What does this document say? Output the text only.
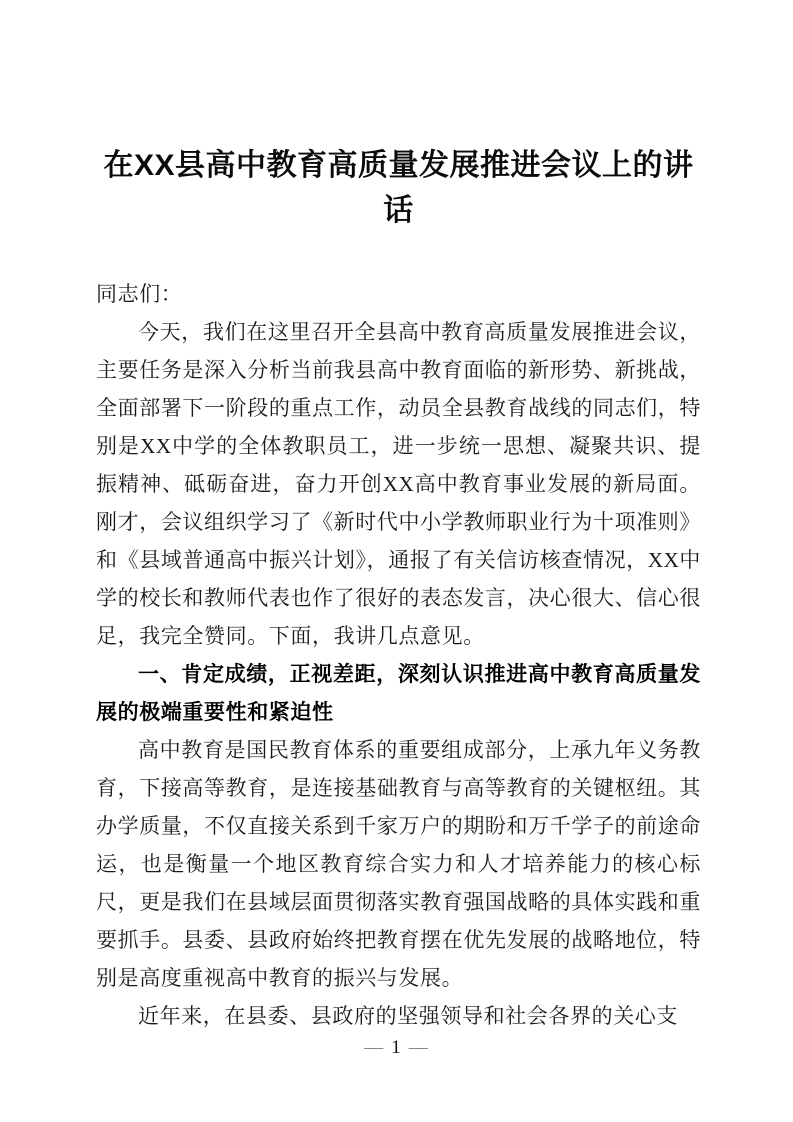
在XX县高中教育高质量发展推进会议上的讲话

同志们：

今天，我们在这里召开全县高中教育高质量发展推进会议，主要任务是深入分析当前我县高中教育面临的新形势、新挑战，全面部署下一阶段的重点工作，动员全县教育战线的同志们，特别是XX中学的全体教职员工，进一步统一思想、凝聚共识、提振精神、砥砺奋进，奋力开创XX高中教育事业发展的新局面。刚才，会议组织学习了《新时代中小学教师职业行为十项准则》和《县域普通高中振兴计划》，通报了有关信访核查情况，XX中学的校长和教师代表也作了很好的表态发言，决心很大、信心很足，我完全赞同。下面，我讲几点意见。

一、肯定成绩，正视差距，深刻认识推进高中教育高质量发展的极端重要性和紧迫性

高中教育是国民教育体系的重要组成部分，上承九年义务教育，下接高等教育，是连接基础教育与高等教育的关键枢纽。其办学质量，不仅直接关系到千家万户的期盼和万千学子的前途命运，也是衡量一个地区教育综合实力和人才培养能力的核心标尺，更是我们在县域层面贯彻落实教育强国战略的具体实践和重要抓手。县委、县政府始终把教育摆在优先发展的战略地位，特别是高度重视高中教育的振兴与发展。

近年来，在县委、县政府的坚强领导和社会各界的关心支

— 1 —
